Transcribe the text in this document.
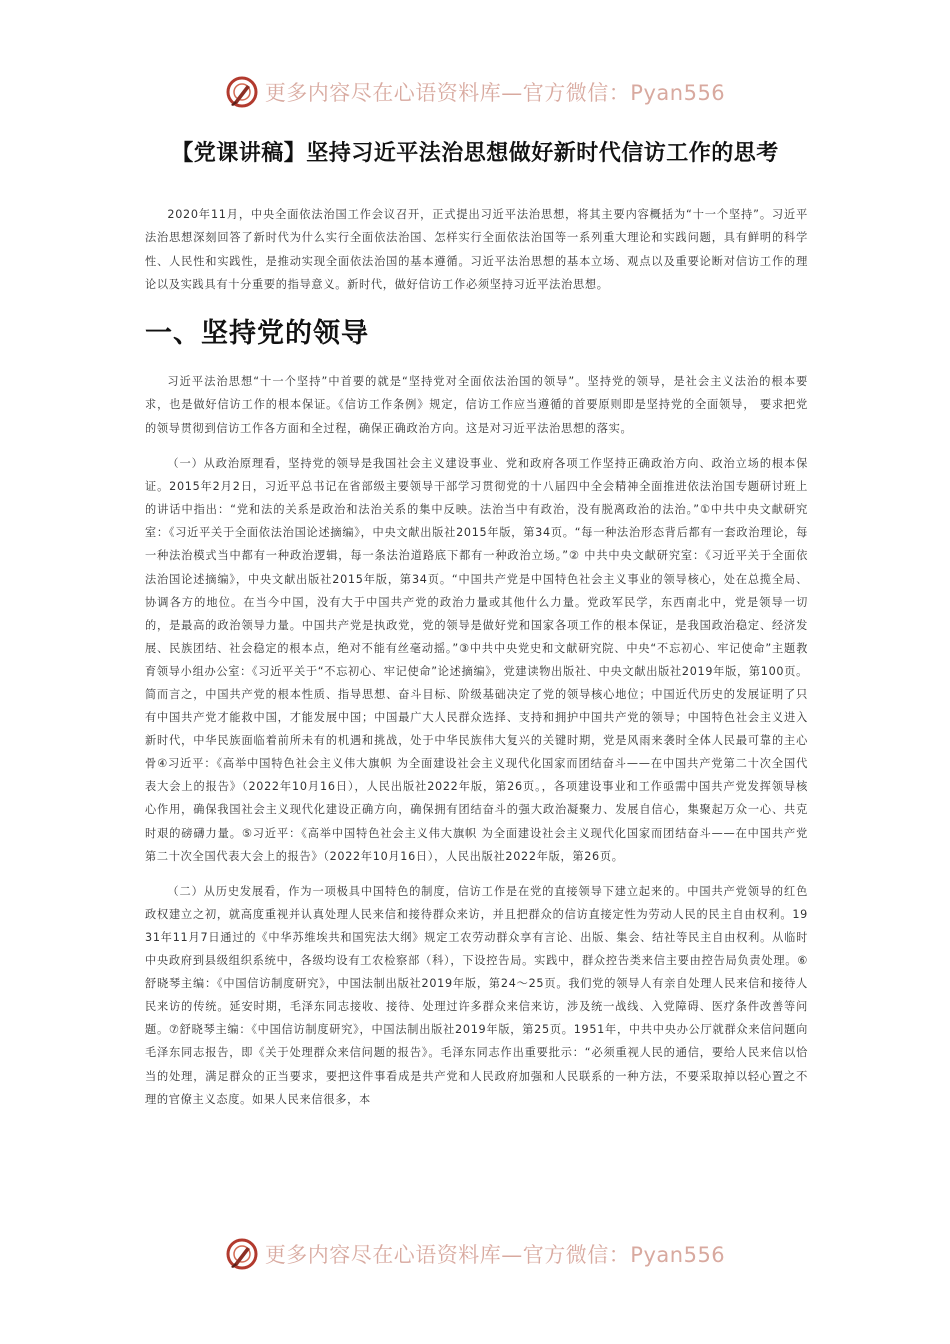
更多内容尽在心语资料库—官方微信：Pyan556
【党课讲稿】坚持习近平法治思想做好新时代信访工作的思考

2020年11月，中央全面依法治国工作会议召开，正式提出习近平法治思想，将其主要内容概括为“十一个坚持”。习近平法治思想深刻回答了新时代为什么实行全面依法治国、怎样实行全面依法治国等一系列重大理论和实践问题，具有鲜明的科学性、人民性和实践性，是推动实现全面依法治国的基本遵循。习近平法治思想的基本立场、观点以及重要论断对信访工作的理论以及实践具有十分重要的指导意义。新时代，做好信访工作必须坚持习近平法治思想。

一、坚持党的领导

习近平法治思想“十一个坚持”中首要的就是“坚持党对全面依法治国的领导”。坚持党的领导，是社会主义法治的根本要求，也是做好信访工作的根本保证。《信访工作条例》规定，信访工作应当遵循的首要原则即是坚持党的全面领导， 要求把党的领导贯彻到信访工作各方面和全过程，确保正确政治方向。这是对习近平法治思想的落实。

（一）从政治原理看，坚持党的领导是我国社会主义建设事业、党和政府各项工作坚持正确政治方向、政治立场的根本保证。2015年2月2日，习近平总书记在省部级主要领导干部学习贯彻党的十八届四中全会精神全面推进依法治国专题研讨班上的讲话中指出：“党和法的关系是政治和法治关系的集中反映。法治当中有政治，没有脱离政治的法治。”①中共中央文献研究室：《习近平关于全面依法治国论述摘编》，中央文献出版社2015年版，第34页。“每一种法治形态背后都有一套政治理论，每一种法治模式当中都有一种政治逻辑，每一条法治道路底下都有一种政治立场。”② 中共中央文献研究室：《习近平关于全面依法治国论述摘编》，中央文献出版社2015年版，第34页。“中国共产党是中国特色社会主义事业的领导核心，处在总揽全局、协调各方的地位。在当今中国，没有大于中国共产党的政治力量或其他什么力量。党政军民学，东西南北中，党是领导一切的，是最高的政治领导力量。中国共产党是执政党，党的领导是做好党和国家各项工作的根本保证，是我国政治稳定、经济发展、民族团结、社会稳定的根本点，绝对不能有丝毫动摇。”③中共中央党史和文献研究院、中央“不忘初心、牢记使命”主题教育领导小组办公室：《习近平关于“不忘初心、牢记使命”论述摘编》，党建读物出版社、中央文献出版社2019年版，第100页。简而言之，中国共产党的根本性质、指导思想、奋斗目标、阶级基础决定了党的领导核心地位；中国近代历史的发展证明了只有中国共产党才能救中国，才能发展中国；中国最广大人民群众选择、支持和拥护中国共产党的领导；中国特色社会主义进入新时代，中华民族面临着前所未有的机遇和挑战，处于中华民族伟大复兴的关键时期，党是风雨来袭时全体人民最可靠的主心骨④习近平：《高举中国特色社会主义伟大旗帜 为全面建设社会主义现代化国家而团结奋斗——在中国共产党第二十次全国代表大会上的报告》（2022年10月16日），人民出版社2022年版，第26页。，各项建设事业和工作亟需中国共产党发挥领导核心作用，确保我国社会主义现代化建设正确方向，确保拥有团结奋斗的强大政治凝聚力、发展自信心，集聚起万众一心、共克时艰的磅礴力量。⑤习近平：《高举中国特色社会主义伟大旗帜 为全面建设社会主义现代化国家而团结奋斗——在中国共产党第二十次全国代表大会上的报告》（2022年10月16日），人民出版社2022年版，第26页。

（二）从历史发展看，作为一项极具中国特色的制度，信访工作是在党的直接领导下建立起来的。中国共产党领导的红色政权建立之初，就高度重视并认真处理人民来信和接待群众来访，并且把群众的信访直接定性为劳动人民的民主自由权利。1931年11月7日通过的《中华苏维埃共和国宪法大纲》规定工农劳动群众享有言论、出版、集会、结社等民主自由权利。从临时中央政府到县级组织系统中，各级均设有工农检察部（科），下设控告局。实践中，群众控告类来信主要由控告局负责处理。⑥舒晓琴主编：《中国信访制度研究》，中国法制出版社2019年版，第24～25页。我们党的领导人有亲自处理人民来信和接待人民来访的传统。延安时期，毛泽东同志接收、接待、处理过许多群众来信来访，涉及统一战线、入党障碍、医疗条件改善等问题。⑦舒晓琴主编：《中国信访制度研究》，中国法制出版社2019年版，第25页。1951年，中共中央办公厅就群众来信问题向毛泽东同志报告，即《关于处理群众来信问题的报告》。毛泽东同志作出重要批示：“必须重视人民的通信，要给人民来信以恰当的处理，满足群众的正当要求，要把这件事看成是共产党和人民政府加强和人民联系的一种方法，不要采取掉以轻心置之不理的官僚主义态度。如果人民来信很多，本

更多内容尽在心语资料库—官方微信：Pyan556
